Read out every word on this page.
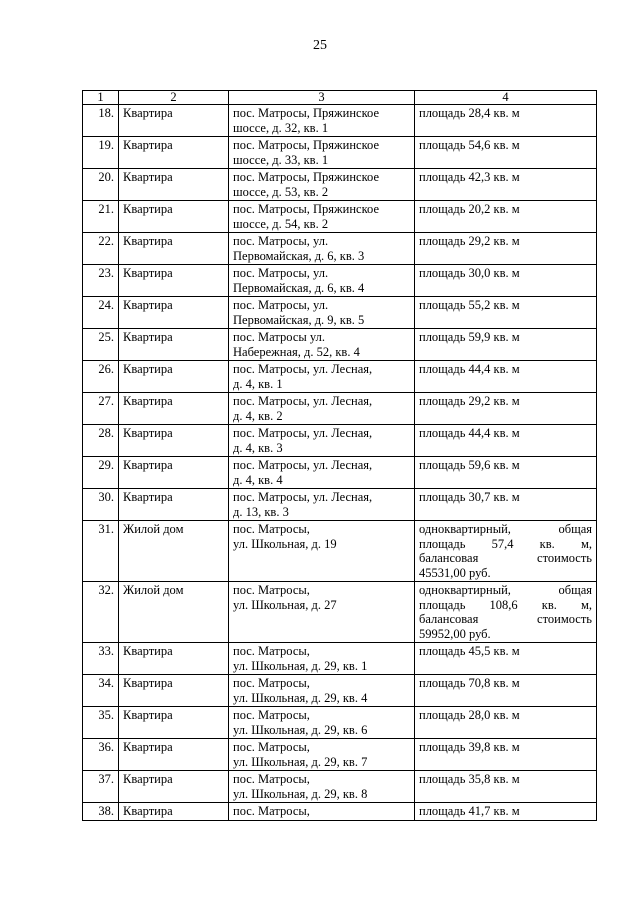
25
1	2	3	4
18.	Квартира	пос. Матросы, Пряжинское
шоссе, д. 32, кв. 1	площадь 28,4 кв. м

19.	Квартира	пос. Матросы, Пряжинское
шоссе, д. 33, кв. 1	площадь 54,6 кв. м

20.	Квартира	пос. Матросы, Пряжинское
шоссе, д. 53, кв. 2	площадь 42,3 кв. м

21.	Квартира	пос. Матросы, Пряжинское
шоссе, д. 54, кв. 2	площадь 20,2 кв. м

22.	Квартира	пос. Матросы, ул.
Первомайская, д. 6, кв. 3	площадь 29,2 кв. м

23.	Квартира	пос. Матросы, ул.
Первомайская, д. 6, кв. 4	площадь 30,0 кв. м

24.	Квартира	пос. Матросы, ул.
Первомайская, д. 9, кв. 5	площадь 55,2 кв. м

25.	Квартира	пос. Матросы ул.
Набережная, д. 52, кв. 4	площадь 59,9 кв. м

26.	Квартира	пос. Матросы, ул. Лесная,
д. 4, кв. 1	площадь 44,4 кв. м

27.	Квартира	пос. Матросы, ул. Лесная,
д. 4, кв. 2	площадь 29,2 кв. м

28.	Квартира	пос. Матросы, ул. Лесная,
д. 4, кв. 3	площадь 44,4 кв. м

29.	Квартира	пос. Матросы, ул. Лесная,
д. 4, кв. 4	площадь 59,6 кв. м

30.	Квартира	пос. Матросы, ул. Лесная,
д. 13, кв. 3	площадь 30,7 кв. м

31.	Жилой дом	пос. Матросы,
ул. Школьная, д. 19	одноквартирный, общая
площадь 57,4 кв. м,
балансовая стоимость
45531,00 руб.

32.	Жилой дом	пос. Матросы,
ул. Школьная, д. 27	одноквартирный, общая
площадь 108,6 кв. м,
балансовая стоимость
59952,00 руб.

33.	Квартира	пос. Матросы,
ул. Школьная, д. 29, кв. 1	площадь 45,5 кв. м

34.	Квартира	пос. Матросы,
ул. Школьная, д. 29, кв. 4	площадь 70,8 кв. м

35.	Квартира	пос. Матросы,
ул. Школьная, д. 29, кв. 6	площадь 28,0 кв. м

36.	Квартира	пос. Матросы,
ул. Школьная, д. 29, кв. 7	площадь 39,8 кв. м

37.	Квартира	пос. Матросы,
ул. Школьная, д. 29, кв. 8	площадь 35,8 кв. м

38.	Квартира	пос. Матросы,	площадь 41,7 кв. м
